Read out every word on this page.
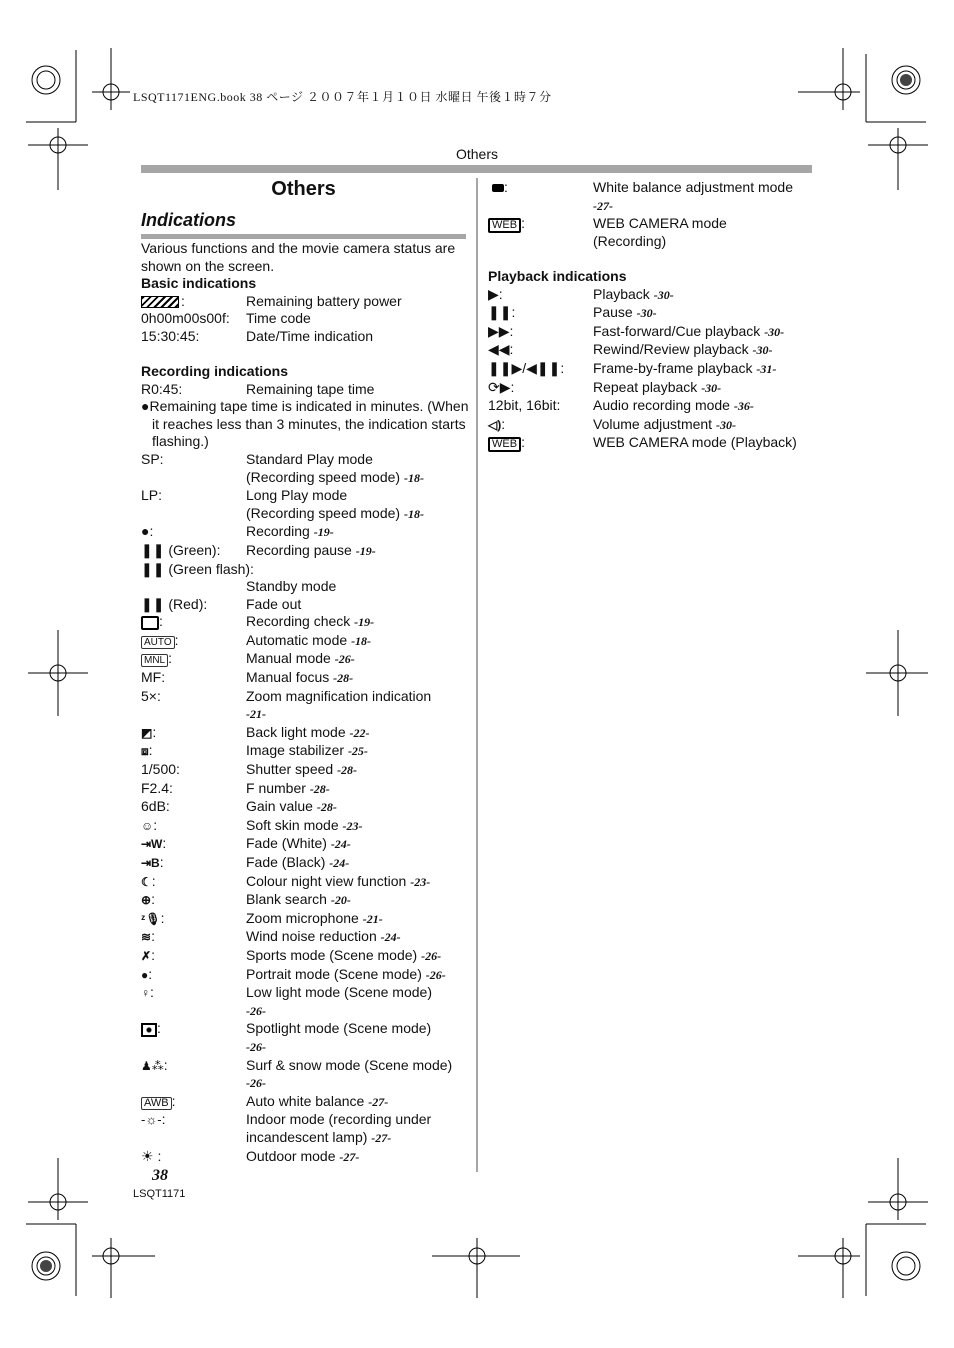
LSQT1171ENG.book 38 ページ ２００７年１月１０日 水曜日 午後１時７分
Others
Others
Indications
Various functions and the movie camera status are shown on the screen.
Basic indications
:	Remaining battery power
0h00m00s00f:	Time code
15:30:45:	Date/Time indication
Recording indications
R0:45:	Remaining tape time
●Remaining tape time is indicated in minutes. (When it reaches less than 3 minutes, the indication starts flashing.)
SP:	Standard Play mode
(Recording speed mode) -18-
LP:	Long Play mode
(Recording speed mode) -18-
●:	Recording -19-
❚❚ (Green):	Recording pause -19-
❚❚ (Green flash):
Standby mode
❚❚ (Red):	Fade out
:	Recording check -19-
AUTO :	Automatic mode -18-
MNL :	Manual mode -26-
MF:	Manual focus -28-
5×:	Zoom magnification indication
-21-
◩:	Back light mode -22-
⧈:	Image stabilizer -25-
1/500:	Shutter speed -28-
F2.4:	F number -28-
6dB:	Gain value -28-
☺:	Soft skin mode -23-
⇥W:	Fade (White) -24-
⇥B:	Fade (Black) -24-
☾:	Colour night view function -23-
⊕:	Blank search -20-
ᶻ🎙:	Zoom microphone -21-
≋:	Wind noise reduction -24-
✗:	Sports mode (Scene mode) -26-
●:	Portrait mode (Scene mode) -26-
♀:	Low light mode (Scene mode)
-26-
:	Spotlight mode (Scene mode)
-26-
♟⁂:	Surf & snow mode (Scene mode)
-26-
AWB :	Auto white balance -27-
-☼-:	Indoor mode (recording under
incandescent lamp) -27-
☀ :	Outdoor mode -27-
:	White balance adjustment mode
-27-
WEB :	WEB CAMERA mode
(Recording)
Playback indications
▶:	Playback -30-
❚❚:	Pause -30-
▶▶:	Fast-forward/Cue playback -30-
◀◀:	Rewind/Review playback -30-
❚❚▶/◀❚❚:	Frame-by-frame playback -31-
⟳▶:	Repeat playback -30-
12bit, 16bit:	Audio recording mode -36-
◁):	Volume adjustment -30-
WEB :	WEB CAMERA mode (Playback)
38
LSQT1171
